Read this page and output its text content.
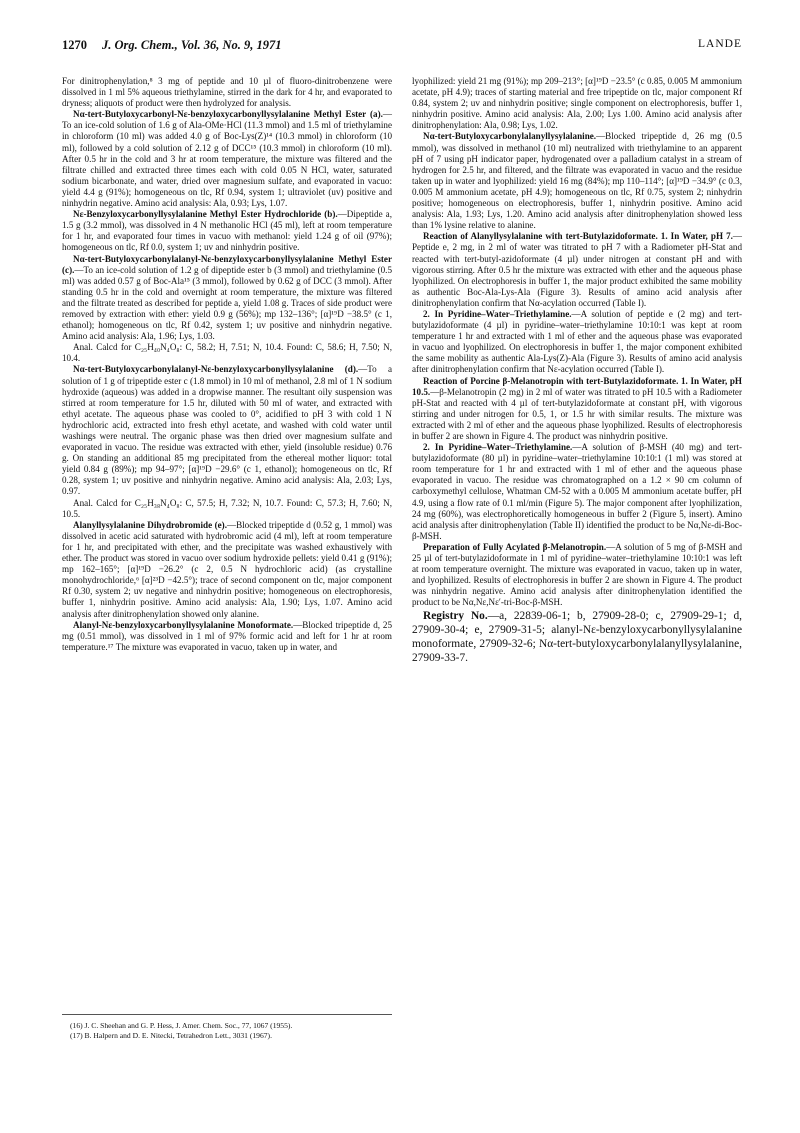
1270 J. Org. Chem., Vol. 36, No. 9, 1971	LANDE

For dinitrophenylation,⁸ 3 mg of peptide and 10 µl of fluoro-dinitrobenzene were dissolved in 1 ml 5% aqueous triethylamine, stirred in the dark for 4 hr, and evaporated to dryness; aliquots of product were then hydrolyzed for analysis.

Nα-tert-Butyloxycarbonyl-Nε-benzyloxycarbonyllysylalanine Methyl Ester (a).—To an ice-cold solution of 1.6 g of Ala-OMe·HCl (11.3 mmol) and 1.5 ml of triethylamine in chloroform (10 ml) was added 4.0 g of Boc-Lys(Z)¹⁴ (10.3 mmol) in chloroform (10 ml), followed by a cold solution of 2.12 g of DCC¹⁵ (10.3 mmol) in chloroform (10 ml). After 0.5 hr in the cold and 3 hr at room temperature, the mixture was filtered and the filtrate chilled and extracted three times each with cold 0.05 N HCl, water, saturated sodium bicarbonate, and water, dried over magnesium sulfate, and evaporated in vacuo: yield 4.4 g (91%); homogeneous on tlc, Rf 0.94, system 1; ultraviolet (uv) positive and ninhydrin negative. Amino acid analysis: Ala, 0.93; Lys, 1.07.

Nε-Benzyloxycarbonyllysylalanine Methyl Ester Hydrochloride (b).—Dipeptide a, 1.5 g (3.2 mmol), was dissolved in 4 N methanolic HCl (45 ml), left at room temperature for 1 hr, and evaporated four times in vacuo with methanol: yield 1.24 g of oil (97%); homogeneous on tlc, Rf 0.0, system 1; uv and ninhydrin positive.

Nα-tert-Butyloxycarbonylalanyl-Nε-benzyloxycarbonyllysylalanine Methyl Ester (c).—To an ice-cold solution of 1.2 g of dipeptide ester b (3 mmol) and triethylamine (0.5 ml) was added 0.57 g of Boc-Ala¹⁵ (3 mmol), followed by 0.62 g of DCC (3 mmol). After standing 0.5 hr in the cold and overnight at room temperature, the mixture was filtered and the filtrate treated as described for peptide a, yield 1.08 g. Traces of side product were removed by extraction with ether: yield 0.9 g (56%); mp 132–136°; [α]¹⁹D −38.5° (c 1, ethanol); homogeneous on tlc, Rf 0.42, system 1; uv positive and ninhydrin negative. Amino acid analysis: Ala, 1.96; Lys, 1.03.

Anal. Calcd for C₂₅H₄₀N₄O₈: C, 58.2; H, 7.51; N, 10.4. Found: C, 58.6; H, 7.50; N, 10.4.

Nα-tert-Butyloxycarbonylalanyl-Nε-benzyloxycarbonyllysylalanine (d).—To a solution of 1 g of tripeptide ester c (1.8 mmol) in 10 ml of methanol, 2.8 ml of 1 N sodium hydroxide (aqueous) was added in a dropwise manner. The resultant oily suspension was stirred at room temperature for 1.5 hr, diluted with 50 ml of water, and extracted with ethyl acetate. The aqueous phase was cooled to 0°, acidified to pH 3 with cold 1 N hydrochloric acid, extracted into fresh ethyl acetate, and washed with cold water until washings were neutral. The organic phase was then dried over magnesium sulfate and evaporated in vacuo. The residue was extracted with ether, yield (insoluble residue) 0.76 g. On standing an additional 85 mg precipitated from the ethereal mother liquor: total yield 0.84 g (89%); mp 94–97°; [α]¹⁹D −29.6° (c 1, ethanol); homogeneous on tlc, Rf 0.28, system 1; uv positive and ninhydrin negative. Amino acid analysis: Ala, 2.03; Lys, 0.97.

Anal. Calcd for C₂₅H₃₈N₄O₈: C, 57.5; H, 7.32; N, 10.7. Found: C, 57.3; H, 7.60; N, 10.5.

Alanyllysylalanine Dihydrobromide (e).—Blocked tripeptide d (0.52 g, 1 mmol) was dissolved in acetic acid saturated with hydrobromic acid (4 ml), left at room temperature for 1 hr, and precipitated with ether, and the precipitate was washed exhaustively with ether. The product was stored in vacuo over sodium hydroxide pellets: yield 0.41 g (91%); mp 162–165°; [α]¹⁹D −26.2° (c 2, 0.5 N hydrochloric acid) (as crystalline monohydrochloride,⁶ [α]²³D −42.5°); trace of second component on tlc, major component Rf 0.30, system 2; uv negative and ninhydrin positive; homogeneous on electrophoresis, buffer 1, ninhydrin positive. Amino acid analysis: Ala, 1.90; Lys, 1.07. Amino acid analysis after dinitrophenylation showed only alanine.

Alanyl-Nε-benzyloxycarbonyllysylalanine Monoformate.—Blocked tripeptide d, 25 mg (0.51 mmol), was dissolved in 1 ml of 97% formic acid and left for 1 hr at room temperature.¹⁷ The mixture was evaporated in vacuo, taken up in water, and

(16) J. C. Sheehan and G. P. Hess, J. Amer. Chem. Soc., 77, 1067 (1955).

(17) B. Halpern and D. E. Nitecki, Tetrahedron Lett., 3031 (1967).

lyophilized: yield 21 mg (91%); mp 209–213°; [α]¹⁹D −23.5° (c 0.85, 0.005 M ammonium acetate, pH 4.9); traces of starting material and free tripeptide on tlc, major component Rf 0.84, system 2; uv and ninhydrin positive; single component on electrophoresis, buffer 1, ninhydrin positive. Amino acid analysis: Ala, 2.00; Lys 1.00. Amino acid analysis after dinitrophenylation: Ala, 0.98; Lys, 1.02.

Nα-tert-Butyloxycarbonylalanyllysylalanine.—Blocked tripeptide d, 26 mg (0.5 mmol), was dissolved in methanol (10 ml) neutralized with triethylamine to an apparent pH of 7 using pH indicator paper, hydrogenated over a palladium catalyst in a stream of hydrogen for 2.5 hr, and filtered, and the filtrate was evaporated in vacuo and the residue taken up in water and lyophilized: yield 16 mg (84%); mp 110–114°; [α]¹⁹D −34.9° (c 0.3, 0.005 M ammonium acetate, pH 4.9); homogeneous on tlc, Rf 0.75, system 2; ninhydrin positive; homogeneous on electrophoresis, buffer 1, ninhydrin positive. Amino acid analysis: Ala, 1.93; Lys, 1.20. Amino acid analysis after dinitrophenylation showed less than 1% lysine relative to alanine.

Reaction of Alanyllysylalanine with tert-Butylazidoformate. 1. In Water, pH 7.—Peptide e, 2 mg, in 2 ml of water was titrated to pH 7 with a Radiometer pH-Stat and reacted with tert-butyl-azidoformate (4 µl) under nitrogen at constant pH and with vigorous stirring. After 0.5 hr the mixture was extracted with ether and the aqueous phase lyophilized. On electrophoresis in buffer 1, the major product exhibited the same mobility as authentic Boc-Ala-Lys-Ala (Figure 3). Results of amino acid analysis after dinitrophenylation confirm that Nα-acylation occurred (Table I).

2. In Pyridine–Water–Triethylamine.—A solution of peptide e (2 mg) and tert-butylazidoformate (4 µl) in pyridine–water–triethylamine 10:10:1 was kept at room temperature 1 hr and extracted with 1 ml of ether and the aqueous phase was evaporated in vacuo and lyophilized. On electrophoresis in buffer 1, the major component exhibited the same mobility as authentic Ala-Lys(Z)-Ala (Figure 3). Results of amino acid analysis after dinitrophenylation confirm that Nε-acylation occurred (Table I).

Reaction of Porcine β-Melanotropin with tert-Butylazidoformate. 1. In Water, pH 10.5.—β-Melanotropin (2 mg) in 2 ml of water was titrated to pH 10.5 with a Radiometer pH-Stat and reacted with 4 µl of tert-butylazidoformate at constant pH, with vigorous stirring and under nitrogen for 0.5, 1, or 1.5 hr with similar results. The mixture was extracted with 2 ml of ether and the aqueous phase lyophilized. Results of electrophoresis in buffer 2 are shown in Figure 4. The product was ninhydrin positive.

2. In Pyridine–Water–Triethylamine.—A solution of β-MSH (40 mg) and tert-butylazidoformate (80 µl) in pyridine–water–triethylamine 10:10:1 (1 ml) was stored at room temperature for 1 hr and extracted with 1 ml of ether and the aqueous phase evaporated in vacuo. The residue was chromatographed on a 1.2 × 90 cm column of carboxymethyl cellulose, Whatman CM-52 with a 0.005 M ammonium acetate buffer, pH 4.9, using a flow rate of 0.1 ml/min (Figure 5). The major component after lyophilization, 24 mg (60%), was electrophoretically homogeneous in buffer 2 (Figure 5, insert). Amino acid analysis after dinitrophenylation (Table II) identified the product to be Nα,Nε-di-Boc-β-MSH.

Preparation of Fully Acylated β-Melanotropin.—A solution of 5 mg of β-MSH and 25 µl of tert-butylazidoformate in 1 ml of pyridine–water–triethylamine 10:10:1 was left at room temperature overnight. The mixture was evaporated in vacuo, taken up in water, and lyophilized. Results of electrophoresis in buffer 2 are shown in Figure 4. The product was ninhydrin negative. Amino acid analysis after dinitrophenylation identified the product to be Nα,Nε,Nε′-tri-Boc-β-MSH.

Registry No.—a, 22839-06-1; b, 27909-28-0; c, 27909-29-1; d, 27909-30-4; e, 27909-31-5; alanyl-Nε-benzyloxycarbonyllysylalanine monoformate, 27909-32-6; Nα-tert-butyloxycarbonylalanyllysylalanine, 27909-33-7.
